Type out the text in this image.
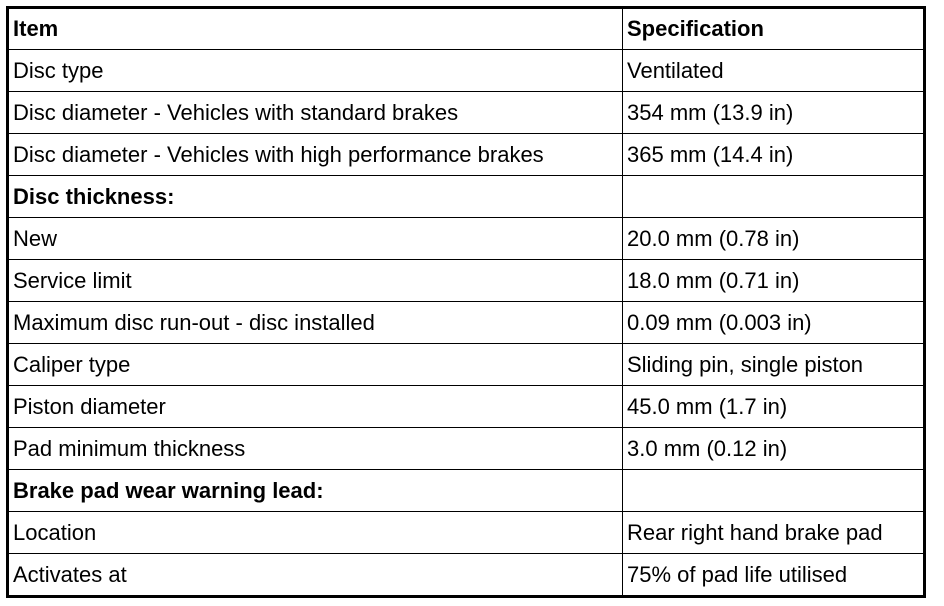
Item	Specification
Disc type	Ventilated
Disc diameter - Vehicles with standard brakes	354 mm (13.9 in)
Disc diameter - Vehicles with high performance brakes	365 mm (14.4 in)
Disc thickness:	
New	20.0 mm (0.78 in)
Service limit	18.0 mm (0.71 in)
Maximum disc run-out - disc installed	0.09 mm (0.003 in)
Caliper type	Sliding pin, single piston
Piston diameter	45.0 mm (1.7 in)
Pad minimum thickness	3.0 mm (0.12 in)
Brake pad wear warning lead:	
Location	Rear right hand brake pad
Activates at	75% of pad life utilised
